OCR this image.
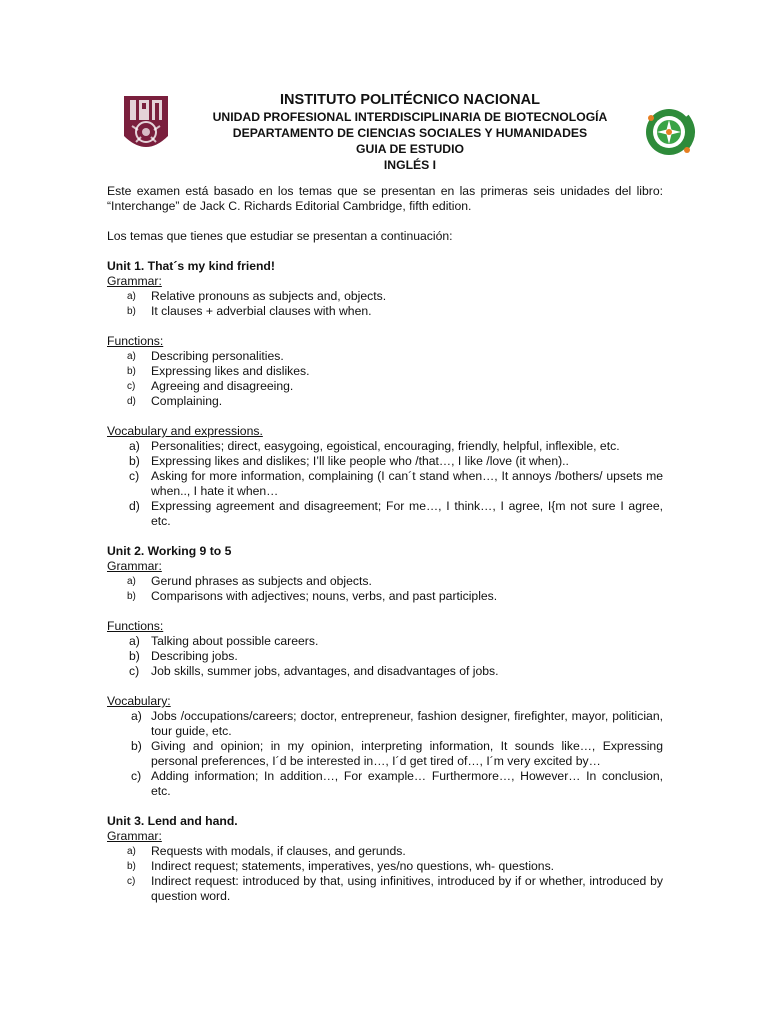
INSTITUTO POLITÉCNICO NACIONAL
UNIDAD PROFESIONAL INTERDISCIPLINARIA DE BIOTECNOLOGÍA
DEPARTAMENTO DE CIENCIAS SOCIALES Y HUMANIDADES
GUIA DE ESTUDIO
INGLÉS I

Este examen está basado en los temas que se presentan en las primeras seis unidades del libro: “Interchange” de Jack C. Richards Editorial Cambridge, fifth edition.

Los temas que tienes que estudiar se presentan a continuación:

Unit 1. That´s my kind friend!

Grammar:

a) Relative pronouns as subjects and, objects.
b) It clauses + adverbial clauses with when.

Functions:

a) Describing personalities.
b) Expressing likes and dislikes.
c) Agreeing and disagreeing.
d) Complaining.

Vocabulary and expressions.

a) Personalities; direct, easygoing, egoistical, encouraging, friendly, helpful, inflexible, etc.
b) Expressing likes and dislikes; I’ll like people who /that…, I like /love (it when)..
c) Asking for more information, complaining (I can´t stand when…, It annoys /bothers/ upsets me when.., I hate it when…
d) Expressing agreement and disagreement; For me…, I think…, I agree, I{m not sure I agree, etc.

Unit 2. Working 9 to 5

Grammar:

a) Gerund phrases as subjects and objects.
b) Comparisons with adjectives; nouns, verbs, and past participles.

Functions:

a) Talking about possible careers.
b) Describing jobs.
c) Job skills, summer jobs, advantages, and disadvantages of jobs.

Vocabulary:

a) Jobs /occupations/careers; doctor, entrepreneur, fashion designer, firefighter, mayor, politician, tour guide, etc.
b) Giving and opinion; in my opinion, interpreting information, It sounds like…, Expressing personal preferences, I´d be interested in…, I´d get tired of…, I´m very excited by…
c) Adding information; In addition…, For example… Furthermore…, However… In conclusion, etc.

Unit 3. Lend and hand.

Grammar:

a) Requests with modals, if clauses, and gerunds.
b) Indirect request; statements, imperatives, yes/no questions, wh- questions.
c) Indirect request: introduced by that, using infinitives, introduced by if or whether, introduced by question word.
